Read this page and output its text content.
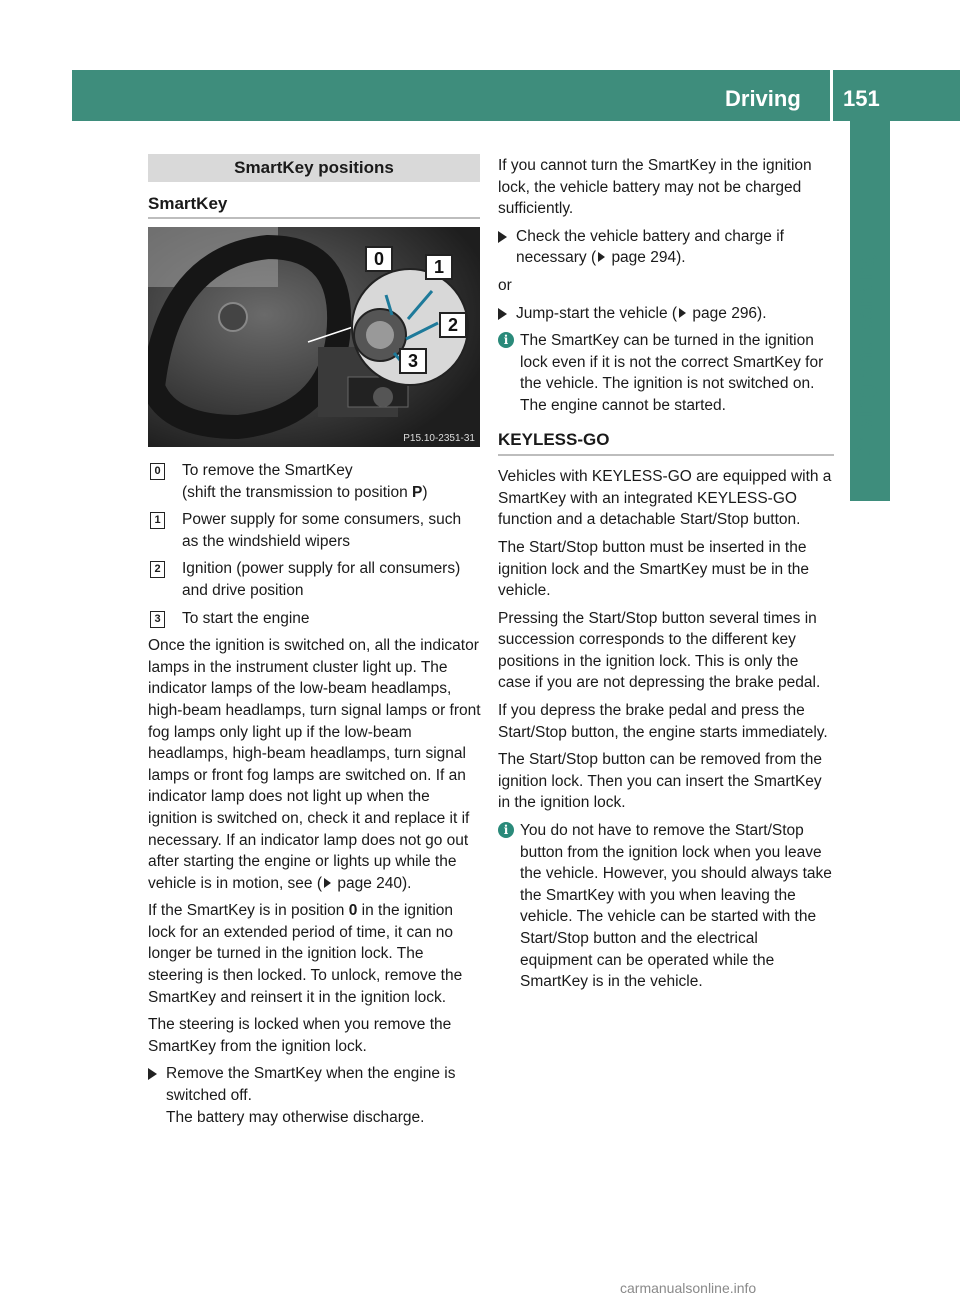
Driving 151
Driving and parking
SmartKey positions
SmartKey
0	1
2
3
P15.10-2351-31
0 To remove the SmartKey
(shift the transmission to position P)
1 Power supply for some consumers, such as the windshield wipers
2 Ignition (power supply for all consumers) and drive position
3 To start the engine

Once the ignition is switched on, all the indicator lamps in the instrument cluster light up. The indicator lamps of the low-beam headlamps, high-beam headlamps, turn signal lamps or front fog lamps only light up if the low-beam headlamps, high-beam headlamps, turn signal lamps or front fog lamps are switched on. If an indicator lamp does not light up when the ignition is switched on, check it and replace it if necessary. If an indicator lamp does not go out after starting the engine or lights up while the vehicle is in motion, see ( page 240).

If the SmartKey is in position 0 in the ignition lock for an extended period of time, it can no longer be turned in the ignition lock. The steering is then locked. To unlock, remove the SmartKey and reinsert it in the ignition lock.

The steering is locked when you remove the SmartKey from the ignition lock.

Remove the SmartKey when the engine is switched off.
The battery may otherwise discharge.

If you cannot turn the SmartKey in the ignition lock, the vehicle battery may not be charged sufficiently.

Check the vehicle battery and charge if necessary ( page 294).

or

Jump-start the vehicle ( page 296).
i The SmartKey can be turned in the ignition lock even if it is not the correct SmartKey for the vehicle. The ignition is not switched on. The engine cannot be started.
KEYLESS-GO

Vehicles with KEYLESS-GO are equipped with a SmartKey with an integrated KEYLESS-GO function and a detachable Start/Stop button.

The Start/Stop button must be inserted in the ignition lock and the SmartKey must be in the vehicle.

Pressing the Start/Stop button several times in succession corresponds to the different key positions in the ignition lock. This is only the case if you are not depressing the brake pedal.

If you depress the brake pedal and press the Start/Stop button, the engine starts immediately.

The Start/Stop button can be removed from the ignition lock. Then you can insert the SmartKey in the ignition lock.

i You do not have to remove the Start/Stop button from the ignition lock when you leave the vehicle. However, you should always take the SmartKey with you when leaving the vehicle. The vehicle can be started with the Start/Stop button and the electrical equipment can be operated while the SmartKey is in the vehicle.
carmanualsonline.info
